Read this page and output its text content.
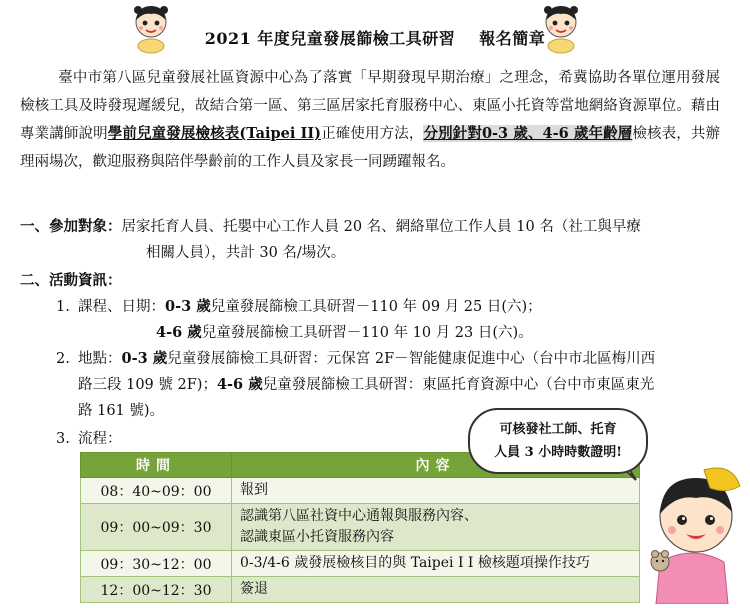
2021 年度兒童發展篩檢工具研習 報名簡章
臺中市第八區兒童發展社區資源中心為了落實「早期發現早期治療」之理念，希冀協助各單位運用發展檢核工具及時發現遲緩兒，故結合第一區、第三區居家托育服務中心、東區小托資等當地網絡資源單位。藉由專業講師說明學前兒童發展檢核表(Taipei II)正確使用方法，分別針對0-3 歲、4-6 歲年齡層檢核表，共辦理兩場次，歡迎服務與陪伴學齡前的工作人員及家長一同踴躍報名。
一、參加對象：居家托育人員、托嬰中心工作人員 20 名、網絡單位工作人員 10 名（社工與早療
相關人員），共計 30 名/場次。
二、活動資訊：
1. 課程、日期：0-3 歲兒童發展篩檢工具研習－110 年 09 月 25 日(六)；
4-6 歲兒童發展篩檢工具研習－110 年 10 月 23 日(六)。
2. 地點：0-3 歲兒童發展篩檢工具研習：元保宮 2F－智能健康促進中心（台中市北區梅川西
路三段 109 號 2F)；4-6 歲兒童發展篩檢工具研習：東區托育資源中心（台中市東區東光
路 161 號)。
3. 流程：
時間	內容
08：40~09：00	報到
09：00~09：30	認識第八區社資中心通報與服務內容、
認識東區小托資服務內容

09：30~12：00	0-3/4-6 歲發展檢核目的與 Taipei I I 檢核題項操作技巧
12：00~12：30	簽退
可核發社工師、托育
人員 3 小時時數證明!
